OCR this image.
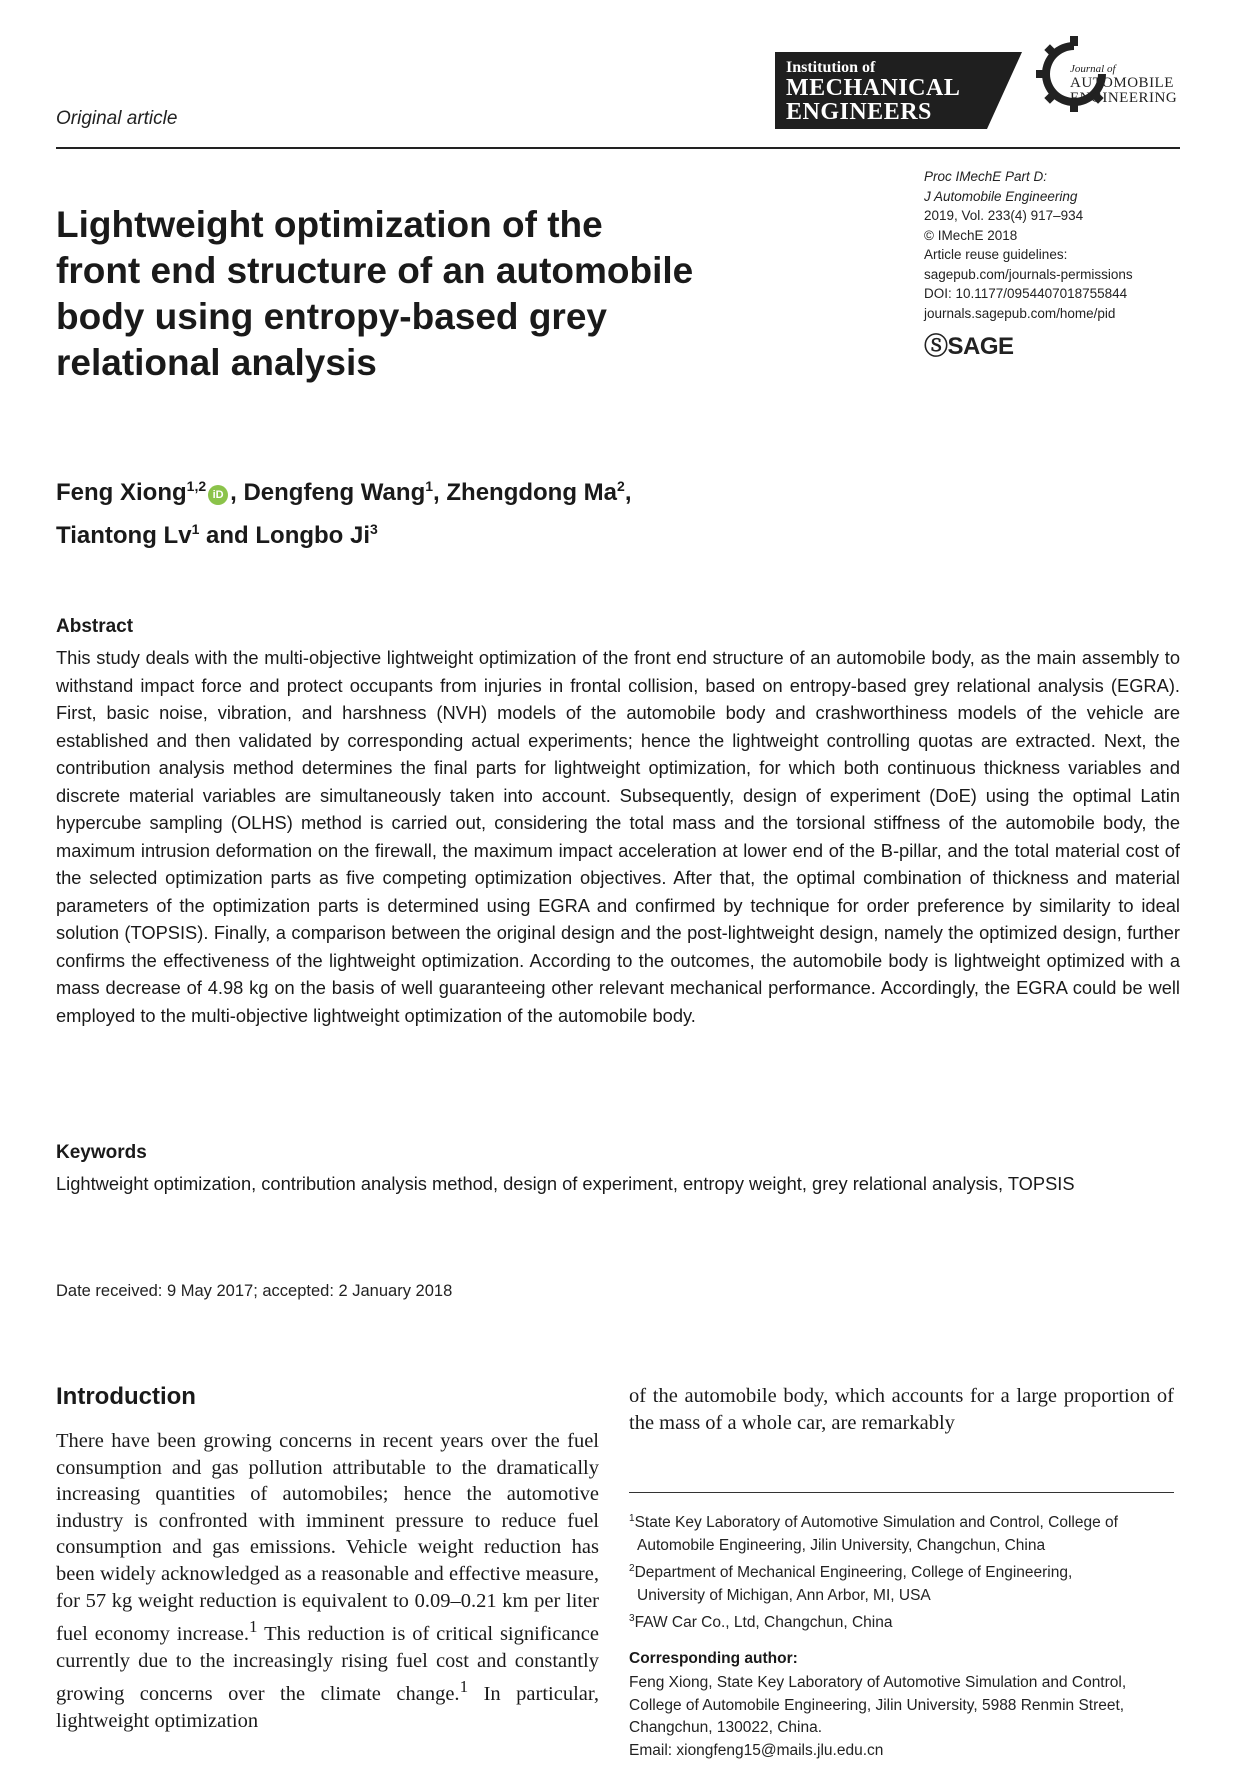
Original article
Institution of
MECHANICAL
ENGINEERS
Journal of
AUTOMOBILE
ENGINEERING
Proc IMechE Part D:
J Automobile Engineering
2019, Vol. 233(4) 917–934
© IMechE 2018
Article reuse guidelines:
sagepub.com/journals-permissions
DOI: 10.1177/0954407018755844
journals.sagepub.com/home/pid
ⓈSAGE
Lightweight optimization of the
front end structure of an automobile
body using entropy-based grey
relational analysis
Feng Xiong$^{1,2}$iD , Dengfeng Wang$^1$, Zhengdong Ma$^2$,
Tiantong Lv$^1$ and Longbo Ji$^3$
Abstract
This study deals with the multi-objective lightweight optimization of the front end structure of an automobile body, as the main assembly to withstand impact force and protect occupants from injuries in frontal collision, based on entropy-based grey relational analysis (EGRA). First, basic noise, vibration, and harshness (NVH) models of the automobile body and crashworthiness models of the vehicle are established and then validated by corresponding actual experiments; hence the lightweight controlling quotas are extracted. Next, the contribution analysis method determines the final parts for lightweight optimization, for which both continuous thickness variables and discrete material variables are simultaneously taken into account. Subsequently, design of experiment (DoE) using the optimal Latin hypercube sampling (OLHS) method is carried out, considering the total mass and the torsional stiffness of the automobile body, the maximum intrusion deformation on the firewall, the maximum impact acceleration at lower end of the B-pillar, and the total material cost of the selected optimization parts as five competing optimization objectives. After that, the optimal combination of thickness and material parameters of the optimization parts is determined using EGRA and confirmed by technique for order preference by similarity to ideal solution (TOPSIS). Finally, a comparison between the original design and the post-lightweight design, namely the optimized design, further confirms the effectiveness of the lightweight optimization. According to the outcomes, the automobile body is lightweight optimized with a mass decrease of 4.98 kg on the basis of well guaranteeing other relevant mechanical performance. Accordingly, the EGRA could be well employed to the multi-objective lightweight optimization of the automobile body.
Keywords
Lightweight optimization, contribution analysis method, design of experiment, entropy weight, grey relational analysis, TOPSIS
Date received: 9 May 2017; accepted: 2 January 2018
Introduction
There have been growing concerns in recent years over the fuel consumption and gas pollution attributable to the dramatically increasing quantities of automobiles; hence the automotive industry is confronted with imminent pressure to reduce fuel consumption and gas emissions. Vehicle weight reduction has been widely acknowledged as a reasonable and effective measure, for 57 kg weight reduction is equivalent to 0.09–0.21 km per liter fuel economy increase.$^1$ This reduction is of critical significance currently due to the increasingly rising fuel cost and constantly growing concerns over the climate change.$^1$ In particular, lightweight optimization
of the automobile body, which accounts for a large proportion of the mass of a whole car, are remarkably
$^1$State Key Laboratory of Automotive Simulation and Control, College of
Automobile Engineering, Jilin University, Changchun, China
$^2$Department of Mechanical Engineering, College of Engineering,
University of Michigan, Ann Arbor, MI, USA
$^3$FAW Car Co., Ltd, Changchun, China
Corresponding author:
Feng Xiong, State Key Laboratory of Automotive Simulation and Control,
College of Automobile Engineering, Jilin University, 5988 Renmin Street,
Changchun, 130022, China.
Email: xiongfeng15@mails.jlu.edu.cn
